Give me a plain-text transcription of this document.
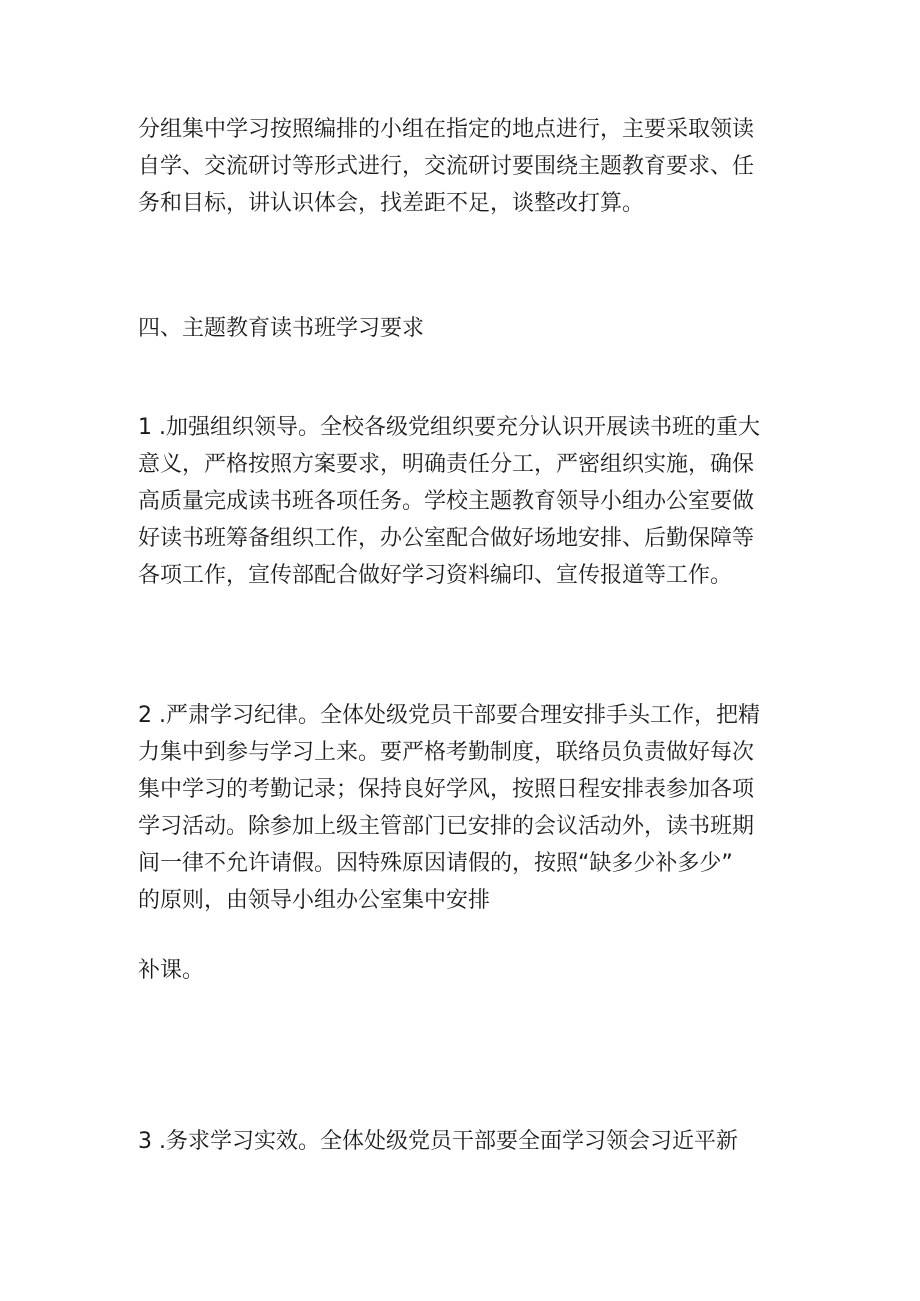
分组集中学习按照编排的小组在指定的地点进行，主要采取领读
自学、交流研讨等形式进行，交流研讨要围绕主题教育要求、任
务和目标，讲认识体会，找差距不足，谈整改打算。
四、主题教育读书班学习要求
1 .加强组织领导。全校各级党组织要充分认识开展读书班的重大
意义，严格按照方案要求，明确责任分工，严密组织实施，确保
高质量完成读书班各项任务。学校主题教育领导小组办公室要做
好读书班筹备组织工作，办公室配合做好场地安排、后勤保障等
各项工作，宣传部配合做好学习资料编印、宣传报道等工作。
2 .严肃学习纪律。全体处级党员干部要合理安排手头工作，把精
力集中到参与学习上来。要严格考勤制度，联络员负责做好每次
集中学习的考勤记录；保持良好学风，按照日程安排表参加各项
学习活动。除参加上级主管部门已安排的会议活动外，读书班期
间一律不允许请假。因特殊原因请假的，按照“缺多少补多少”
的原则，由领导小组办公室集中安排
补课。
3 .务求学习实效。全体处级党员干部要全面学习领会习近平新
